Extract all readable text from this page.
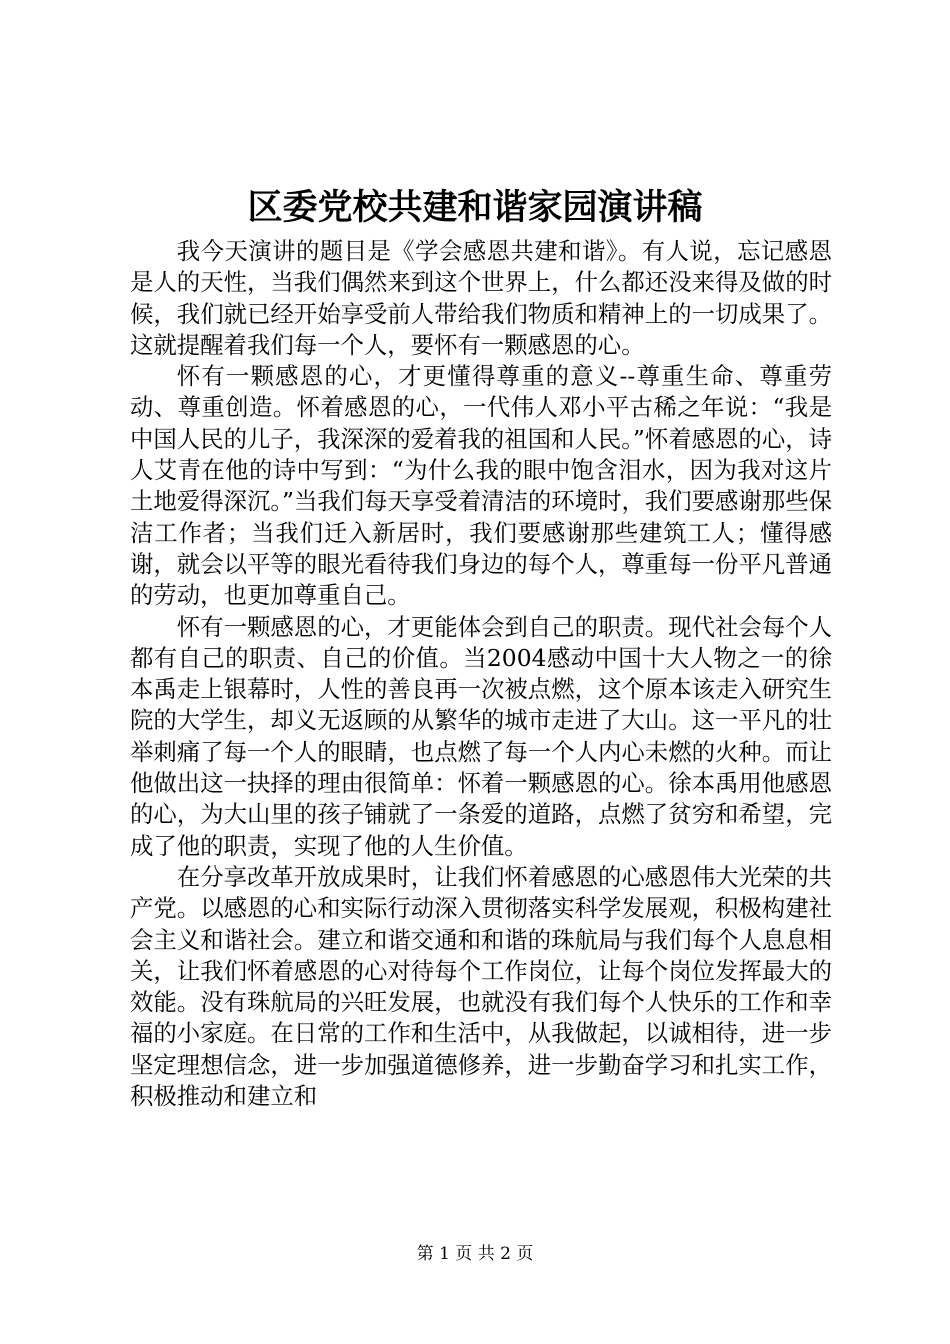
区委党校共建和谐家园演讲稿

我今天演讲的题目是《学会感恩共建和谐》。有人说，忘记感恩是人的天性，当我们偶然来到这个世界上，什么都还没来得及做的时候，我们就已经开始享受前人带给我们物质和精神上的一切成果了。这就提醒着我们每一个人，要怀有一颗感恩的心。

怀有一颗感恩的心，才更懂得尊重的意义--尊重生命、尊重劳动、尊重创造。怀着感恩的心，一代伟人邓小平古稀之年说：“我是中国人民的儿子，我深深的爱着我的祖国和人民。”怀着感恩的心，诗人艾青在他的诗中写到：“为什么我的眼中饱含泪水，因为我对这片土地爱得深沉。”当我们每天享受着清洁的环境时，我们要感谢那些保洁工作者；当我们迁入新居时，我们要感谢那些建筑工人；懂得感谢，就会以平等的眼光看待我们身边的每个人，尊重每一份平凡普通的劳动，也更加尊重自己。

怀有一颗感恩的心，才更能体会到自己的职责。现代社会每个人都有自己的职责、自己的价值。当2004感动中国十大人物之一的徐本禹走上银幕时，人性的善良再一次被点燃，这个原本该走入研究生院的大学生，却义无返顾的从繁华的城市走进了大山。这一平凡的壮举刺痛了每一个人的眼睛，也点燃了每一个人内心未燃的火种。而让他做出这一抉择的理由很简单：怀着一颗感恩的心。徐本禹用他感恩的心，为大山里的孩子铺就了一条爱的道路，点燃了贫穷和希望，完成了他的职责，实现了他的人生价值。

在分享改革开放成果时，让我们怀着感恩的心感恩伟大光荣的共产党。以感恩的心和实际行动深入贯彻落实科学发展观，积极构建社会主义和谐社会。建立和谐交通和和谐的珠航局与我们每个人息息相关，让我们怀着感恩的心对待每个工作岗位，让每个岗位发挥最大的效能。没有珠航局的兴旺发展，也就没有我们每个人快乐的工作和幸福的小家庭。在日常的工作和生活中，从我做起，以诚相待，进一步坚定理想信念，进一步加强道德修养，进一步勤奋学习和扎实工作，积极推动和建立和

第 1 页 共 2 页
